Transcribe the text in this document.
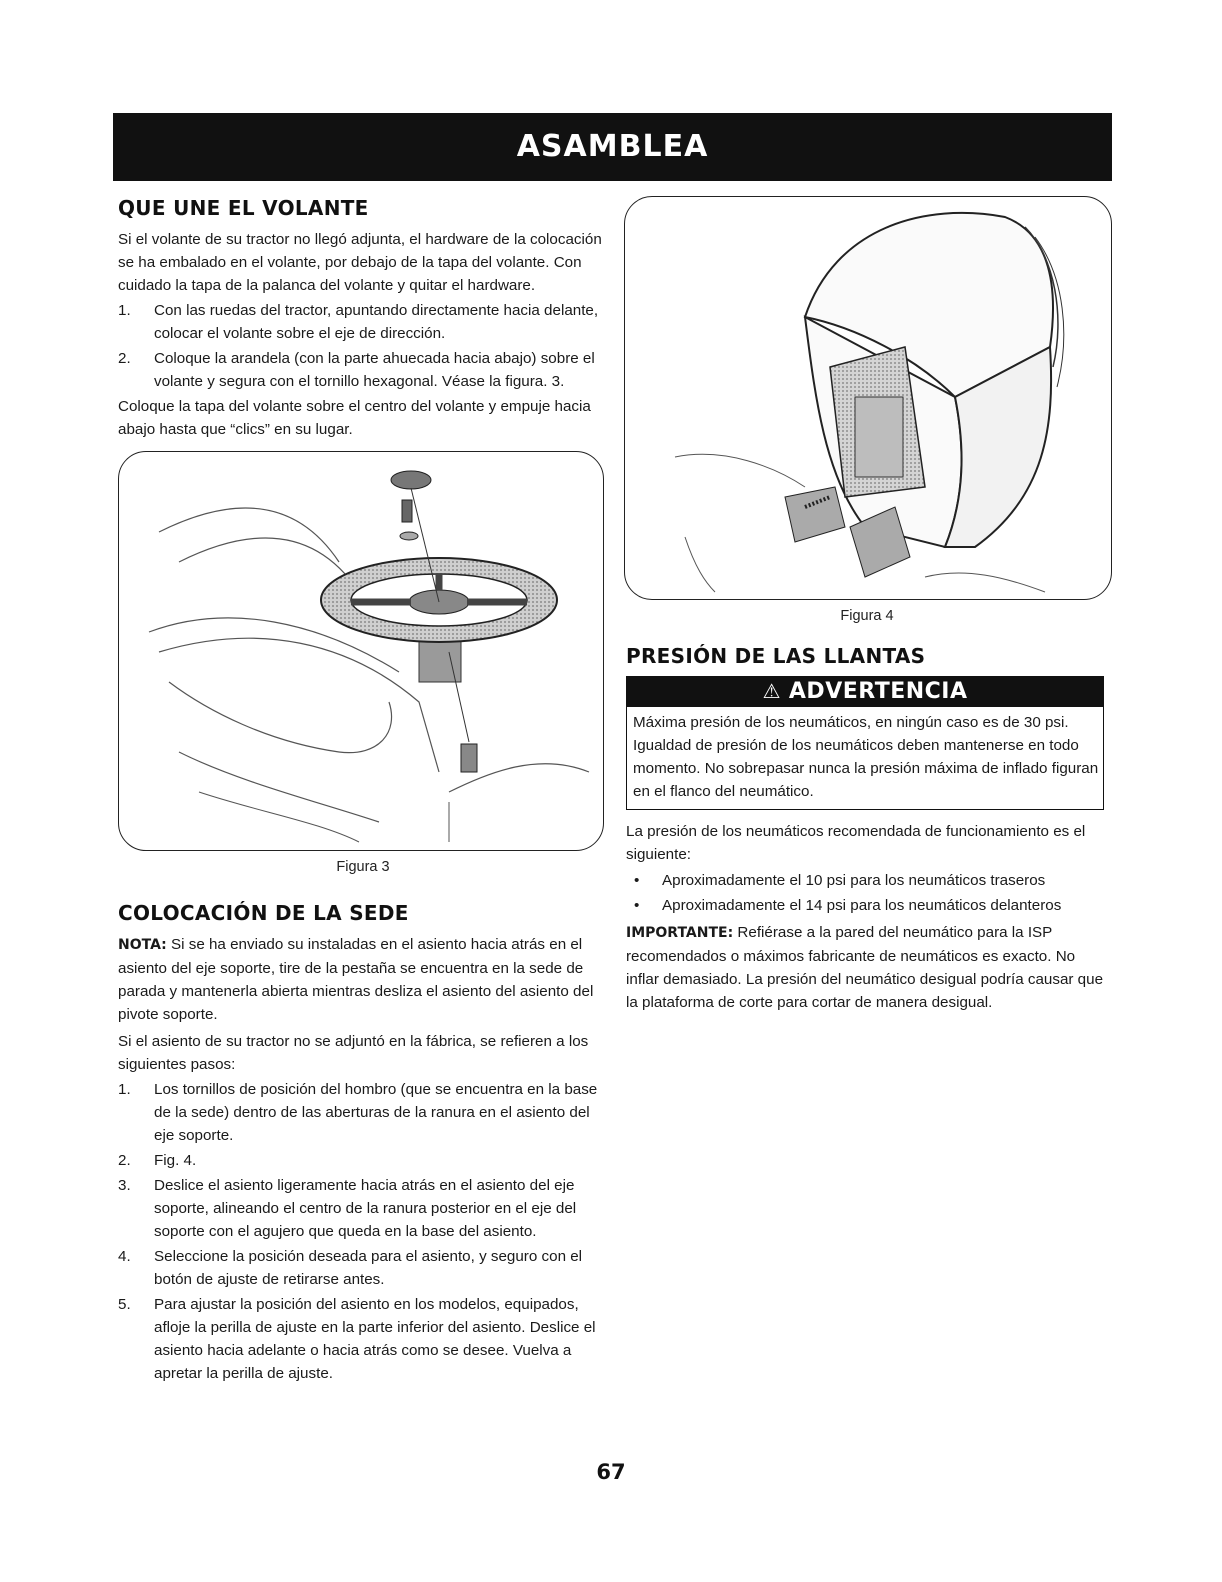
ASAMBLEA
QUE UNE EL VOLANTE

Si el volante de su tractor no llegó adjunta, el hardware de la colocación se ha embalado en el volante, por debajo de la tapa del volante. Con cuidado la tapa de la palanca del volante y quitar el hardware.

1.	Con las ruedas del tractor, apuntando directamente hacia delante, colocar el volante sobre el eje de dirección.
2.	Coloque la arandela (con la parte ahuecada hacia abajo) sobre el volante y segura con el tornillo hexagonal. Véase la figura. 3.

Coloque la tapa del volante sobre el centro del volante y empuje hacia abajo hasta que “clics” en su lugar.

Figura 3
COLOCACIÓN DE LA SEDE

NOTA: Si se ha enviado su instaladas en el asiento hacia atrás en el asiento del eje soporte, tire de la pestaña se encuentra en la sede de parada y mantenerla abierta mientras desliza el asiento del asiento del pivote soporte.

Si el asiento de su tractor no se adjuntó en la fábrica, se refieren a los siguientes pasos:

1.	Los tornillos de posición del hombro (que se encuentra en la base de la sede) dentro de las aberturas de la ranura en el asiento del eje soporte.
2.	Fig. 4.
3.	Deslice el asiento ligeramente hacia atrás en el asiento del eje soporte, alineando el centro de la ranura posterior en el eje del soporte con el agujero que queda en la base del asiento.
4.	Seleccione la posición deseada para el asiento, y seguro con el botón de ajuste de retirarse antes.
5.	Para ajustar la posición del asiento en los modelos, equipados, afloje la perilla de ajuste en la parte inferior del asiento. Deslice el asiento hacia adelante o hacia atrás como se desee. Vuelva a apretar la perilla de ajuste.
Figura 4
PRESIÓN DE LAS LLANTAS
⚠ ADVERTENCIA

Máxima presión de los neumáticos, en ningún caso es de 30 psi. Igualdad de presión de los neumáticos deben mantenerse en todo momento. No sobrepasar nunca la presión máxima de inflado figuran en el flanco del neumático.

La presión de los neumáticos recomendada de funcionamiento es el siguiente:

• Aproximadamente el 10 psi para los neumáticos traseros
• Aproximadamente el 14 psi para los neumáticos delanteros

IMPORTANTE: Refiérase a la pared del neumático para la ISP recomendados o máximos fabricante de neumáticos es exacto. No inflar demasiado. La presión del neumático desigual podría causar que la plataforma de corte para cortar de manera desigual.

67
